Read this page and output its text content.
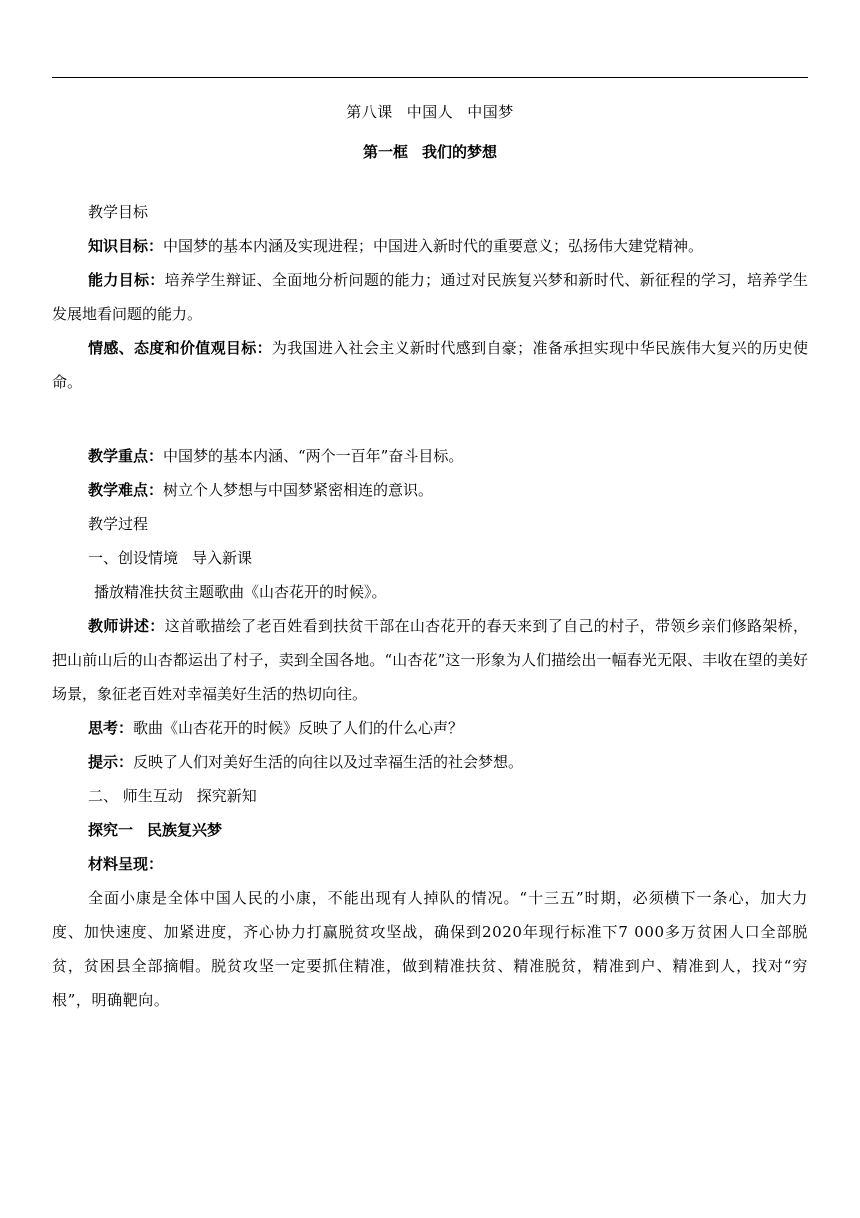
第八课 中国人 中国梦
第一框 我们的梦想

教学目标

知识目标：中国梦的基本内涵及实现进程；中国进入新时代的重要意义；弘扬伟大建党精神。

能力目标：培养学生辩证、全面地分析问题的能力；通过对民族复兴梦和新时代、新征程的学习，培养学生发展地看问题的能力。

情感、态度和价值观目标：为我国进入社会主义新时代感到自豪；准备承担实现中华民族伟大复兴的历史使命。

教学重点：中国梦的基本内涵、“两个一百年”奋斗目标。

教学难点：树立个人梦想与中国梦紧密相连的意识。

教学过程

一、创设情境 导入新课

播放精准扶贫主题歌曲《山杏花开的时候》。

教师讲述：这首歌描绘了老百姓看到扶贫干部在山杏花开的春天来到了自己的村子，带领乡亲们修路架桥，把山前山后的山杏都运出了村子，卖到全国各地。“山杏花”这一形象为人们描绘出一幅春光无限、丰收在望的美好场景，象征老百姓对幸福美好生活的热切向往。

思考：歌曲《山杏花开的时候》反映了人们的什么心声？

提示：反映了人们对美好生活的向往以及过幸福生活的社会梦想。

二、 师生互动 探究新知

探究一 民族复兴梦

材料呈现：

全面小康是全体中国人民的小康，不能出现有人掉队的情况。“十三五”时期，必须横下一条心，加大力度、加快速度、加紧进度，齐心协力打赢脱贫攻坚战，确保到2020年现行标准下7 000多万贫困人口全部脱贫，贫困县全部摘帽。脱贫攻坚一定要抓住精准，做到精准扶贫、精准脱贫，精准到户、精准到人，找对“穷根”，明确靶向。
